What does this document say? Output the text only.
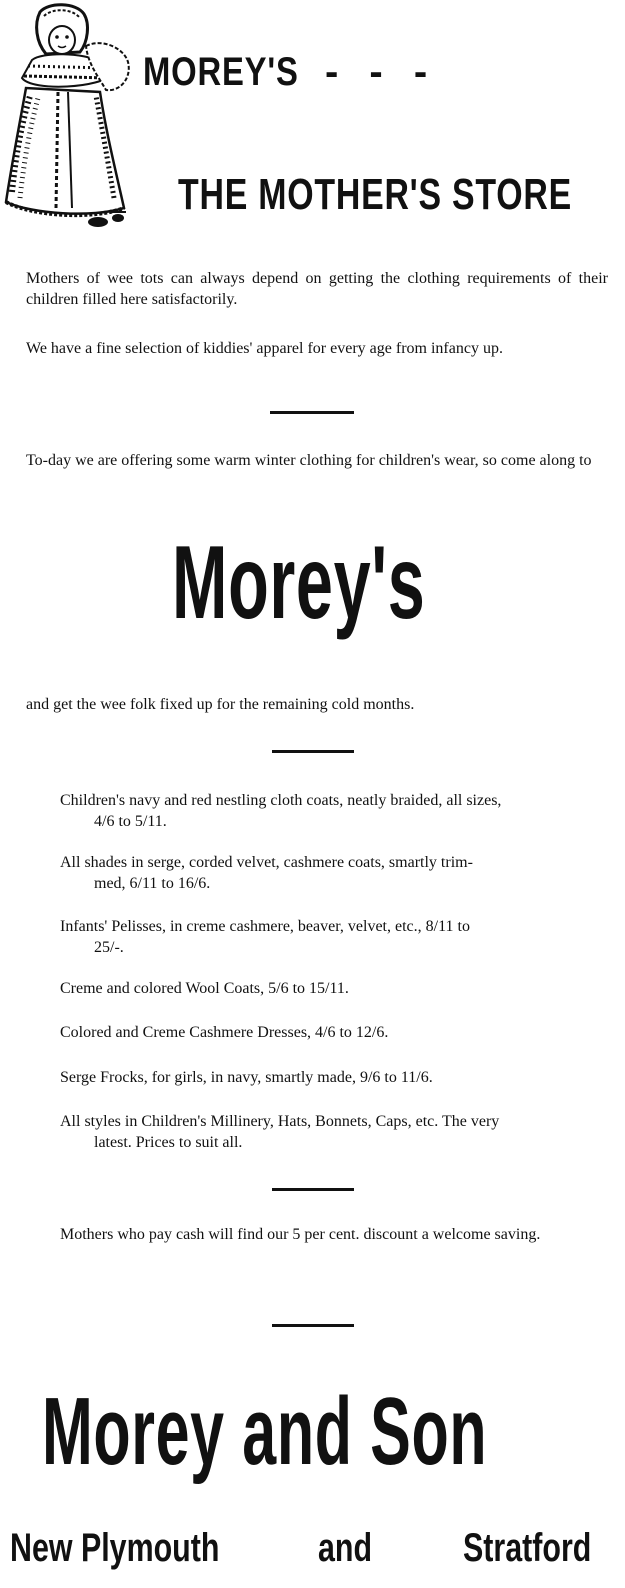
MOREY'S - - -
THE MOTHER'S STORE

Mothers of wee tots can always depend on getting the clothing requirements of their children filled here satisfactorily.

We have a fine selection of kiddies' apparel for every age from infancy up.

To-day we are offering some warm winter clothing for children's wear, so come along to

Morey's

and get the wee folk fixed up for the remaining cold months.

Children's navy and red nestling cloth coats, neatly braided, all sizes,
4/6 to 5/11.

All shades in serge, corded velvet, cashmere coats, smartly trim-
med, 6/11 to 16/6.

Infants' Pelisses, in creme cashmere, beaver, velvet, etc., 8/11 to
25/-.

Creme and colored Wool Coats, 5/6 to 15/11.

Colored and Creme Cashmere Dresses, 4/6 to 12/6.

Serge Frocks, for girls, in navy, smartly made, 9/6 to 11/6.

All styles in Children's Millinery, Hats, Bonnets, Caps, etc. The very
latest. Prices to suit all.

Mothers who pay cash will find our 5 per cent. discount a welcome saving.

Morey and Son
New Plymouth and Stratford
